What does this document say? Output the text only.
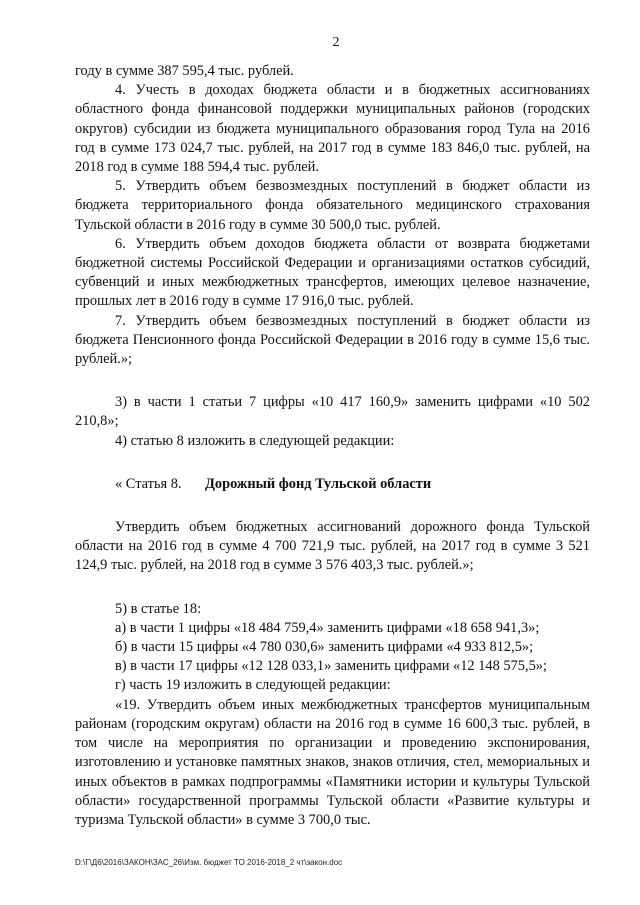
2

году в сумме 387 595,4 тыс. рублей.

4. Учесть в доходах бюджета области и в бюджетных ассигнованиях областного фонда финансовой поддержки муниципальных районов (городских округов) субсидии из бюджета муниципального образования город Тула на 2016 год в сумме 173 024,7 тыс. рублей, на 2017 год в сумме 183 846,0 тыс. рублей, на 2018 год в сумме 188 594,4 тыс. рублей.

5. Утвердить объем безвозмездных поступлений в бюджет области из бюджета территориального фонда обязательного медицинского страхования Тульской области в 2016 году в сумме 30 500,0 тыс. рублей.

6. Утвердить объем доходов бюджета области от возврата бюджетами бюджетной системы Российской Федерации и организациями остатков субсидий, субвенций и иных межбюджетных трансфертов, имеющих целевое назначение, прошлых лет в 2016 году в сумме 17 916,0 тыс. рублей.

7. Утвердить объем безвозмездных поступлений в бюджет области из бюджета Пенсионного фонда Российской Федерации в 2016 году в сумме 15,6 тыс. рублей.»;

3) в части 1 статьи 7 цифры «10 417 160,9» заменить цифрами «10 502 210,8»;

4) статью 8 изложить в следующей редакции:

« Статья 8. Дорожный фонд Тульской области

Утвердить объем бюджетных ассигнований дорожного фонда Тульской области на 2016 год в сумме 4 700 721,9 тыс. рублей, на 2017 год в сумме 3 521 124,9 тыс. рублей, на 2018 год в сумме 3 576 403,3 тыс. рублей.»;

5) в статье 18:

а) в части 1 цифры «18 484 759,4» заменить цифрами «18 658 941,3»;

б) в части 15 цифры «4 780 030,6» заменить цифрами «4 933 812,5»;

в) в части 17 цифры «12 128 033,1» заменить цифрами «12 148 575,5»;

г) часть 19 изложить в следующей редакции:

«19. Утвердить объем иных межбюджетных трансфертов муниципальным районам (городским округам) области на 2016 год в сумме 16 600,3 тыс. рублей, в том числе на мероприятия по организации и проведению экспонирования, изготовлению и установке памятных знаков, знаков отличия, стел, мемориальных и иных объектов в рамках подпрограммы «Памятники истории и культуры Тульской области» государственной программы Тульской области «Развитие культуры и туризма Тульской области» в сумме 3 700,0 тыс.

D:\Г\Д6\2016\ЗАКОН\ЗАС_26\Изм. бюджет ТО 2016-2018_2 чт\закон.doc
